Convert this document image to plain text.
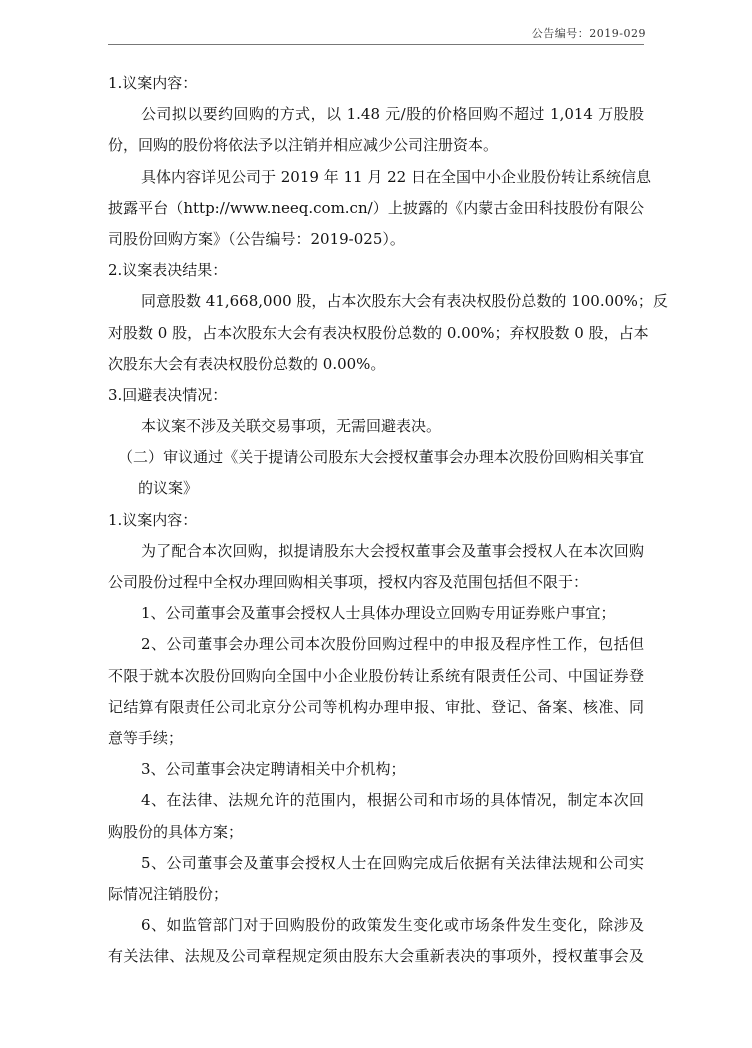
公告编号：2019-029
1.议案内容：
公司拟以要约回购的方式，以 1.48 元/股的价格回购不超过 1,014 万股股
份，回购的股份将依法予以注销并相应减少公司注册资本。
具体内容详见公司于 2019 年 11 月 22 日在全国中小企业股份转让系统信息
披露平台（http://www.neeq.com.cn/）上披露的《内蒙古金田科技股份有限公
司股份回购方案》（公告编号：2019-025）。
2.议案表决结果：
同意股数 41,668,000 股，占本次股东大会有表决权股份总数的 100.00%；反
对股数 0 股，占本次股东大会有表决权股份总数的 0.00%；弃权股数 0 股，占本
次股东大会有表决权股份总数的 0.00%。
3.回避表决情况：
本议案不涉及关联交易事项，无需回避表决。
（二）审议通过《关于提请公司股东大会授权董事会办理本次股份回购相关事宜
的议案》
1.议案内容：
为了配合本次回购，拟提请股东大会授权董事会及董事会授权人在本次回购
公司股份过程中全权办理回购相关事项，授权内容及范围包括但不限于：
1、公司董事会及董事会授权人士具体办理设立回购专用证券账户事宜；
2、公司董事会办理公司本次股份回购过程中的申报及程序性工作，包括但
不限于就本次股份回购向全国中小企业股份转让系统有限责任公司、中国证券登
记结算有限责任公司北京分公司等机构办理申报、审批、登记、备案、核准、同
意等手续；
3、公司董事会决定聘请相关中介机构；
4、在法律、法规允许的范围内，根据公司和市场的具体情况，制定本次回
购股份的具体方案；
5、公司董事会及董事会授权人士在回购完成后依据有关法律法规和公司实
际情况注销股份；
6、如监管部门对于回购股份的政策发生变化或市场条件发生变化，除涉及
有关法律、法规及公司章程规定须由股东大会重新表决的事项外，授权董事会及
